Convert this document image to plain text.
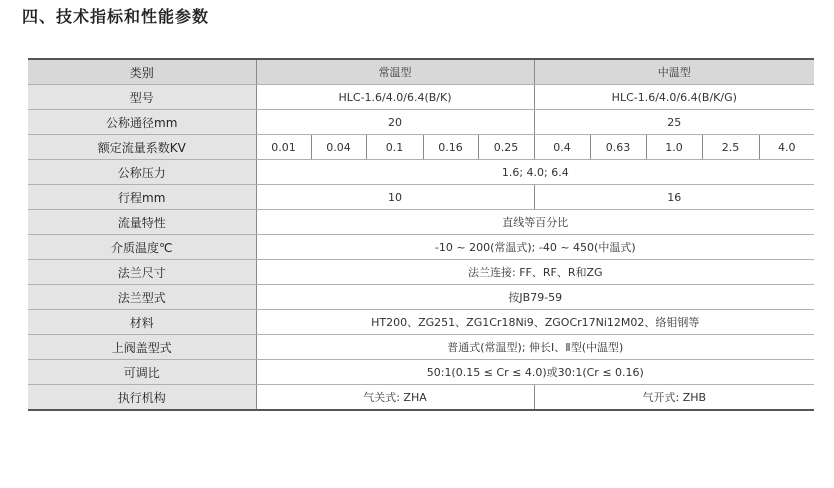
四、技术指标和性能参数
类别	常温型					中温型				
型号	HLC-1.6/4.0/6.4(B/K)					HLC-1.6/4.0/6.4(B/K/G)				
公称通径mm	20					25				
额定流量系数KV	0.01	0.04	0.1	0.16	0.25	0.4	0.63	1.0	2.5	4.0
公称压力	1.6; 4.0; 6.4									
行程mm	10					16				
流量特性	直线等百分比									
介质温度℃	-10 ~ 200(常温式); -40 ~ 450(中温式)									
法兰尺寸	法兰连接: FF、RF、R和ZG									
法兰型式	按JB79-59									
材料	HT200、ZG251、ZG1Cr18Ni9、ZGOCr17Ni12M02、络钼钢等									
上阀盖型式	普通式(常温型); 伸长Ⅰ、Ⅱ型(中温型)									
可调比	50:1(0.15 ≤ Cr ≤ 4.0)或30:1(Cr ≤ 0.16)									
执行机构	气关式: ZHA					气开式: ZHB				
